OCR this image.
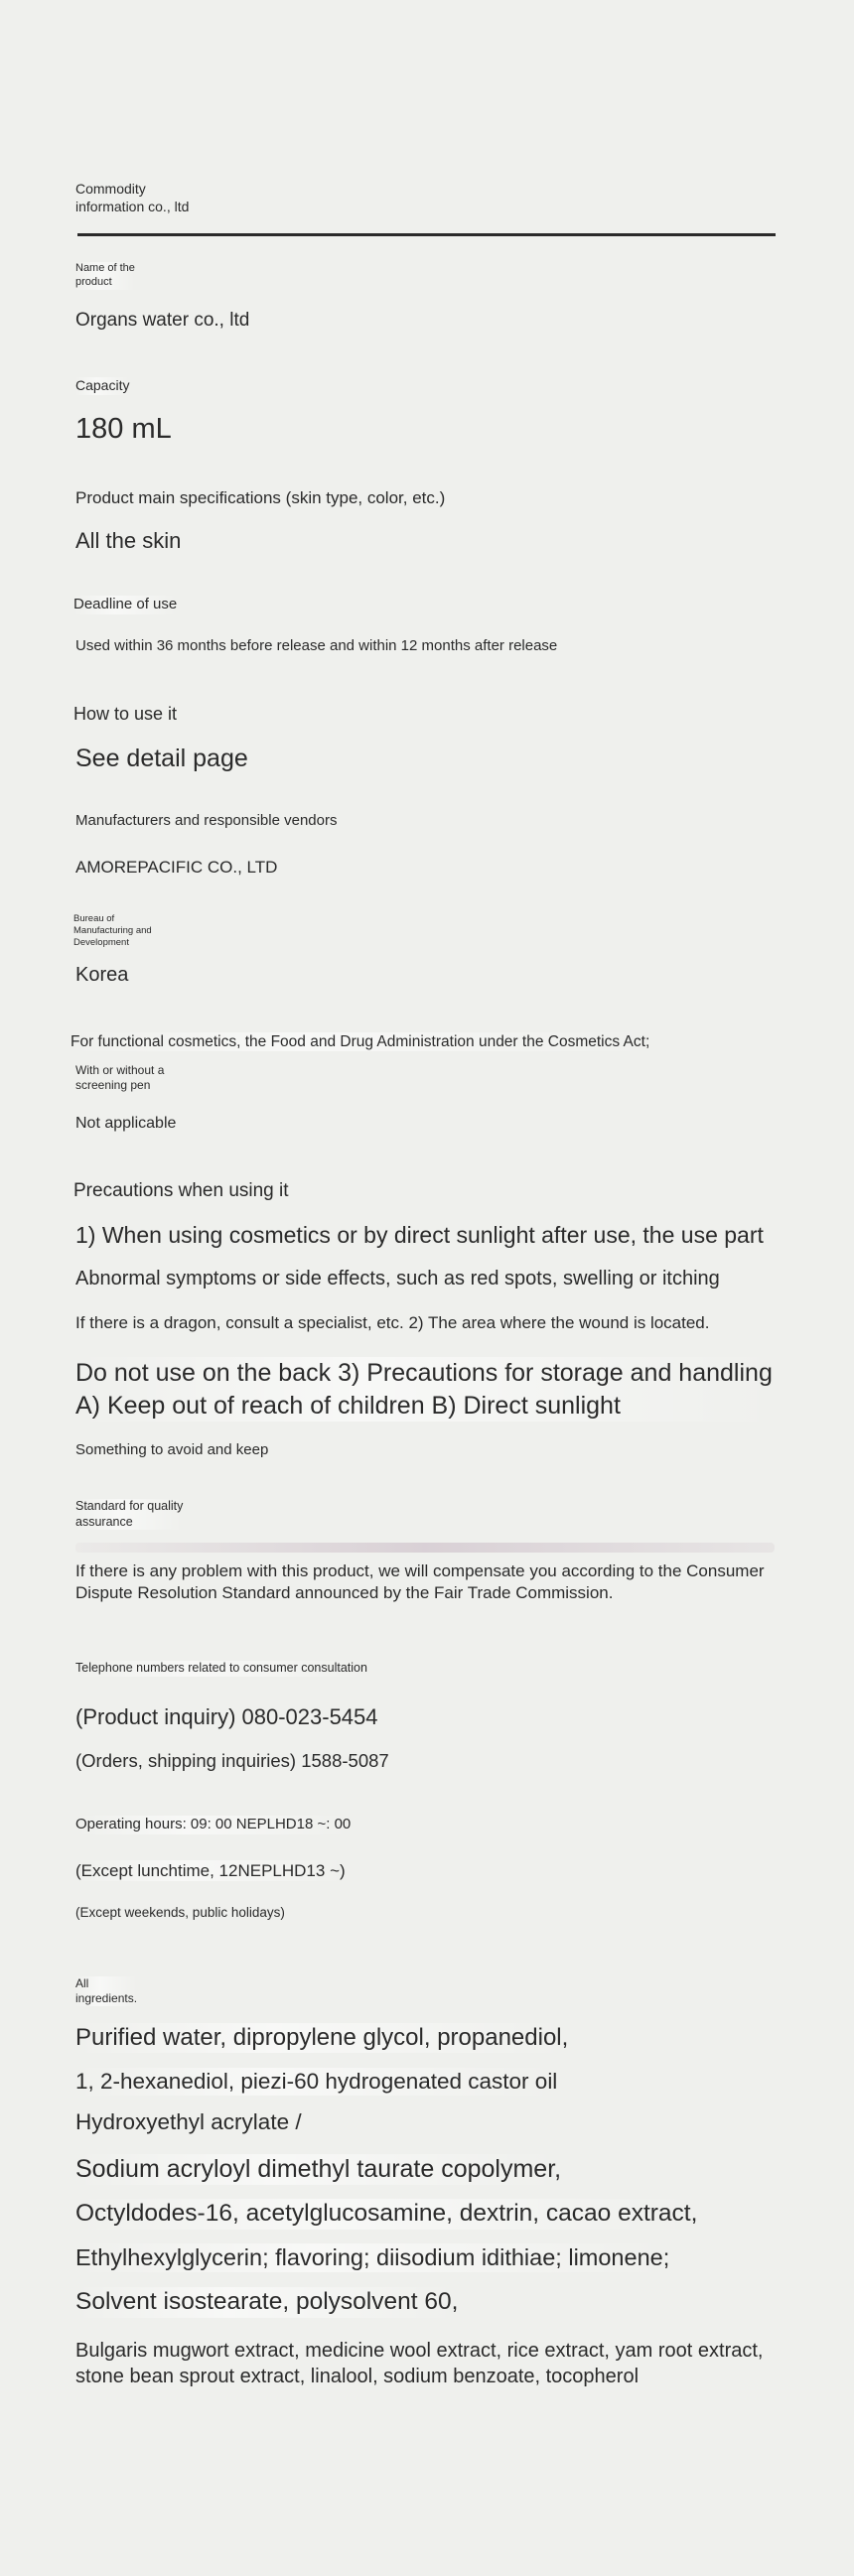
Commodity
information co., ltd
Name of the
product
Organs water co., ltd
Capacity
180 mL
Product main specifications (skin type, color, etc.)
All the skin
Deadline of use
Used within 36 months before release and within 12 months after release
How to use it
See detail page
Manufacturers and responsible vendors
AMOREPACIFIC CO., LTD
Bureau of
Manufacturing and
Development
Korea
For functional cosmetics, the Food and Drug Administration under the Cosmetics Act;
With or without a
screening pen
Not applicable
Precautions when using it
1) When using cosmetics or by direct sunlight after use, the use part
Abnormal symptoms or side effects, such as red spots, swelling or itching
If there is a dragon, consult a specialist, etc. 2) The area where the wound is located.
Do not use on the back 3) Precautions for storage and handling A) Keep out of reach of children B) Direct sunlight
Something to avoid and keep
Standard for quality
assurance
If there is any problem with this product, we will compensate you according to the Consumer Dispute Resolution Standard announced by the Fair Trade Commission.
Telephone numbers related to consumer consultation
(Product inquiry) 080-023-5454
(Orders, shipping inquiries) 1588-5087
Operating hours: 09: 00 NEPLHD18 ~: 00
(Except lunchtime, 12NEPLHD13 ~)
(Except weekends, public holidays)
All
ingredients.
Purified water, dipropylene glycol, propanediol,
1, 2-hexanediol, piezi-60 hydrogenated castor oil
Hydroxyethyl acrylate /
Sodium acryloyl dimethyl taurate copolymer,
Octyldodes-16, acetylglucosamine, dextrin, cacao extract,
Ethylhexylglycerin; flavoring; diisodium idithiae; limonene;
Solvent isostearate, polysolvent 60,
Bulgaris mugwort extract, medicine wool extract, rice extract, yam root extract, stone bean sprout extract, linalool, sodium benzoate, tocopherol
